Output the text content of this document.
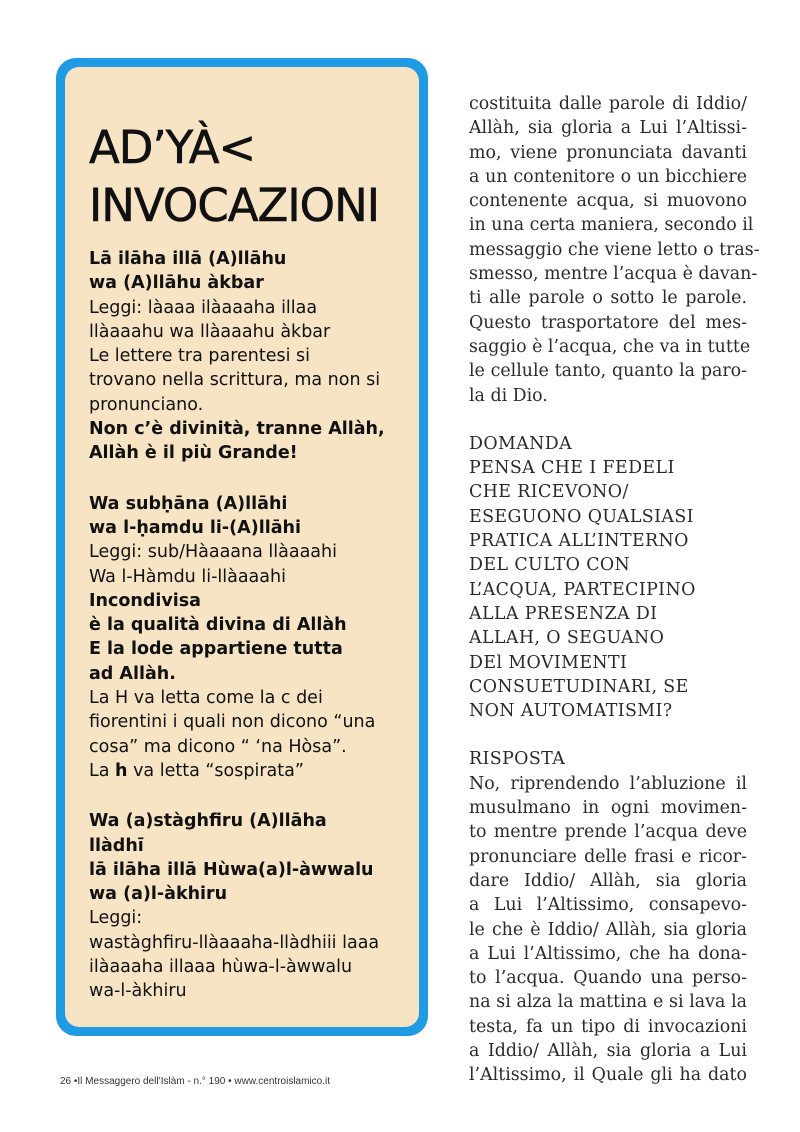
AD’YÀ<
INVOCAZIONI
Lā ilāha illā (A)llāhu
wa (A)llāhu àkbar
Leggi: làaaa ilàaaaha illaa
llàaaahu wa llàaaahu àkbar
Le lettere tra parentesi si
trovano nella scrittura, ma non si
pronunciano.
Non c’è divinità, tranne Allàh,
Allàh è il più Grande!
Wa subḥāna (A)llāhi
wa l-ḥamdu li-(A)llāhi
Leggi: sub/Hàaaana llàaaahi
Wa l-Hàmdu li-llàaaahi
Incondivisa
è la qualità divina di Allàh
E la lode appartiene tutta
ad Allàh.
La H va letta come la c dei
fiorentini i quali non dicono “una
cosa” ma dicono “ ‘na Hòsa”.
La h va letta “sospirata”
Wa (a)stàghfiru (A)llāha
llàdhī
lā ilāha illā Hùwa(a)l-àwwalu
wa (a)l-àkhiru
Leggi:
wastàghfiru-llàaaaha-llàdhiii laaa
ilàaaaha illaaa hùwa-l-àwwalu
wa-l-àkhiru
costituita dalle parole di Iddio/
Allàh, sia gloria a Lui l’Altissi-
mo, viene pronunciata davanti
a un contenitore o un bicchiere
contenente acqua, si muovono
in una certa maniera, secondo il
messaggio che viene letto o tras-
smesso, mentre l’acqua è davan-
ti alle parole o sotto le parole.
Questo trasportatore del mes-
saggio è l’acqua, che va in tutte
le cellule tanto, quanto la paro-
la di Dio.
DOMANDA
PENSA CHE I FEDELI
CHE RICEVONO/
ESEGUONO QUALSIASI
PRATICA ALL’INTERNO
DEL CULTO CON
L’ACQUA, PARTECIPINO
ALLA PRESENZA DI
ALLAH, O SEGUANO
DEl MOVIMENTI
CONSUETUDINARI, SE
NON AUTOMATISMI?
RISPOSTA
No, riprendendo l’abluzione il
musulmano in ogni movimen-
to mentre prende l’acqua deve
pronunciare delle frasi e ricor-
dare Iddio/ Allàh, sia gloria
a Lui l’Altissimo, consapevo-
le che è Iddio/ Allàh, sia gloria
a Lui l’Altissimo, che ha dona-
to l’acqua. Quando una perso-
na si alza la mattina e si lava la
testa, fa un tipo di invocazioni
a Iddio/ Allàh, sia gloria a Lui
l’Altissimo, il Quale gli ha dato
26 •Il Messaggero dell’Islàm - n.° 190 • www.centroislamico.it
